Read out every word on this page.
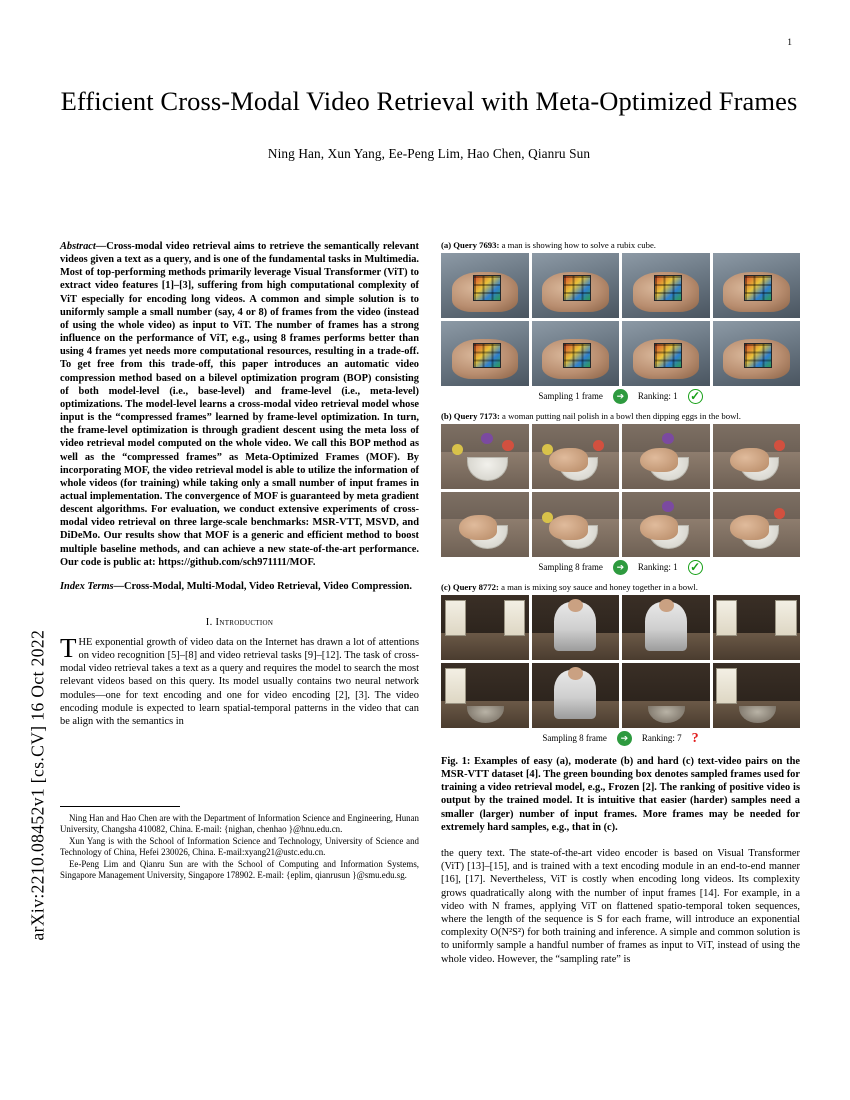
arXiv:2210.08452v1 [cs.CV] 16 Oct 2022
1
Efficient Cross-Modal Video Retrieval with Meta-Optimized Frames
Ning Han, Xun Yang, Ee-Peng Lim, Hao Chen, Qianru Sun
Abstract—Cross-modal video retrieval aims to retrieve the semantically relevant videos given a text as a query, and is one of the fundamental tasks in Multimedia. Most of top-performing methods primarily leverage Visual Transformer (ViT) to extract video features [1]–[3], suffering from high computational complexity of ViT especially for encoding long videos. A common and simple solution is to uniformly sample a small number (say, 4 or 8) of frames from the video (instead of using the whole video) as input to ViT. The number of frames has a strong influence on the performance of ViT, e.g., using 8 frames performs better than using 4 frames yet needs more computational resources, resulting in a trade-off. To get free from this trade-off, this paper introduces an automatic video compression method based on a bilevel optimization program (BOP) consisting of both model-level (i.e., base-level) and frame-level (i.e., meta-level) optimizations. The model-level learns a cross-modal video retrieval model whose input is the “compressed frames” learned by frame-level optimization. In turn, the frame-level optimization is through gradient descent using the meta loss of video retrieval model computed on the whole video. We call this BOP method as well as the “compressed frames” as Meta-Optimized Frames (MOF). By incorporating MOF, the video retrieval model is able to utilize the information of whole videos (for training) while taking only a small number of input frames in actual implementation. The convergence of MOF is guaranteed by meta gradient descent algorithms. For evaluation, we conduct extensive experiments of cross-modal video retrieval on three large-scale benchmarks: MSR-VTT, MSVD, and DiDeMo. Our results show that MOF is a generic and efficient method to boost multiple baseline methods, and can achieve a new state-of-the-art performance. Our code is public at: https://github.com/sch971111/MOF.
Index Terms—Cross-Modal, Multi-Modal, Video Retrieval, Video Compression.
I. Introduction
THE exponential growth of video data on the Internet has drawn a lot of attentions on video recognition [5]–[8] and video retrieval tasks [9]–[12]. The task of cross-modal video retrieval takes a text as a query and requires the model to search the most relevant videos based on this query. Its model usually contains two neural network modules—one for text encoding and one for video encoding [2], [3]. The video encoding module is expected to learn spatial-temporal patterns in the video that can be align with the semantics in
Ning Han and Hao Chen are with the Department of Information Science and Engineering, Hunan University, Changsha 410082, China. E-mail: {nighan, chenhao }@hnu.edu.cn.
Xun Yang is with the School of Information Science and Technology, University of Science and Technology of China, Hefei 230026, China. E-mail:xyang21@ustc.edu.cn.
Ee-Peng Lim and Qianru Sun are with the School of Computing and Information Systems, Singapore Management University, Singapore 178902. E-mail: {eplim, qianrusun }@smu.edu.sg.
(a) Query 7693: a man is showing how to solve a rubix cube.
Sampling 1 frame	➔	Ranking: 1 ✓
(b) Query 7173: a woman putting nail polish in a bowl then dipping eggs in the bowl.
Sampling 8 frame	➔	Ranking: 1 ✓
(c) Query 8772: a man is mixing soy sauce and honey together in a bowl.
Sampling 8 frame	➔	Ranking: 7 ?
Fig. 1: Examples of easy (a), moderate (b) and hard (c) text-video pairs on the MSR-VTT dataset [4]. The green bounding box denotes sampled frames used for training a video retrieval model, e.g., Frozen [2]. The ranking of positive video is output by the trained model. It is intuitive that easier (harder) samples need a smaller (larger) number of input frames. More frames may be needed for extremely hard samples, e.g., that in (c).
the query text. The state-of-the-art video encoder is based on Visual Transformer (ViT) [13]–[15], and is trained with a text encoding module in an end-to-end manner [16], [17]. Nevertheless, ViT is costly when encoding long videos. Its complexity grows quadratically along with the number of input frames [14]. For example, in a video with N frames, applying ViT on flattened spatio-temporal token sequences, where the length of the sequence is S for each frame, will introduce an exponential complexity O(N²S²) for both training and inference. A simple and common solution is to uniformly sample a handful number of frames as input to ViT, instead of using the whole video. However, the “sampling rate” is
